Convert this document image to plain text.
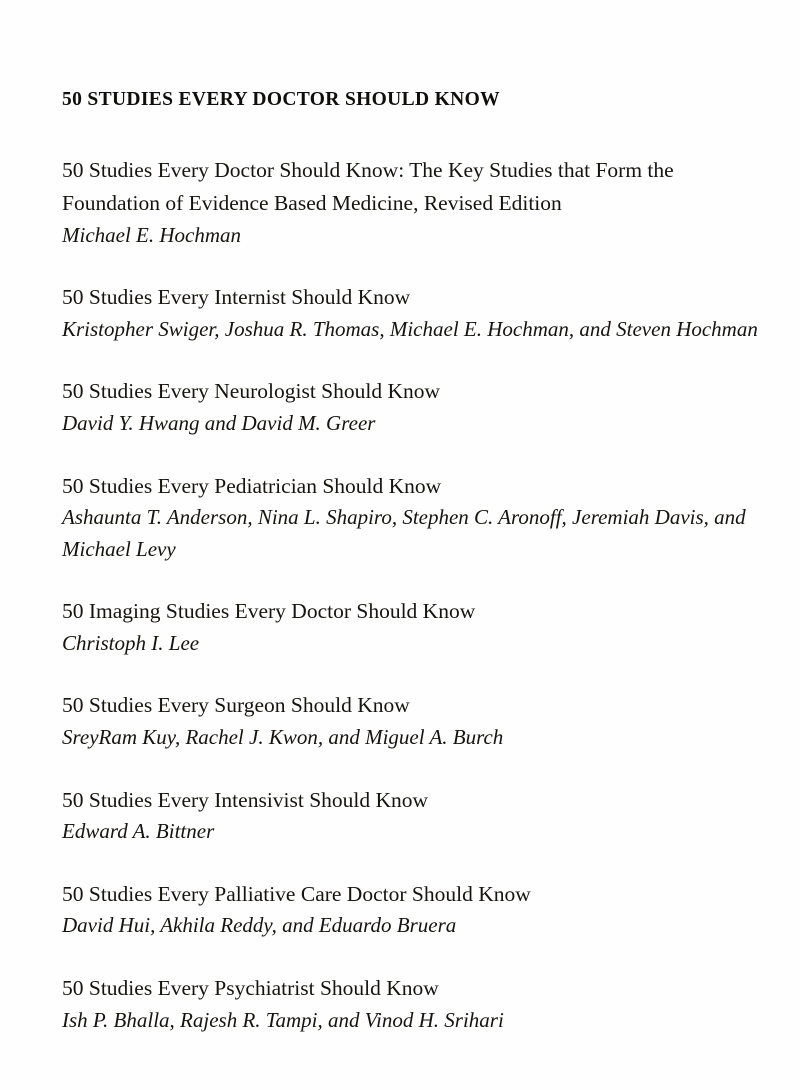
50 STUDIES EVERY DOCTOR SHOULD KNOW

50 Studies Every Doctor Should Know: The Key Studies that Form the Foundation of Evidence Based Medicine, Revised Edition

Michael E. Hochman

50 Studies Every Internist Should Know

Kristopher Swiger, Joshua R. Thomas, Michael E. Hochman, and Steven Hochman

50 Studies Every Neurologist Should Know

David Y. Hwang and David M. Greer

50 Studies Every Pediatrician Should Know

Ashaunta T. Anderson, Nina L. Shapiro, Stephen C. Aronoff, Jeremiah Davis, and Michael Levy

50 Imaging Studies Every Doctor Should Know

Christoph I. Lee

50 Studies Every Surgeon Should Know

SreyRam Kuy, Rachel J. Kwon, and Miguel A. Burch

50 Studies Every Intensivist Should Know

Edward A. Bittner

50 Studies Every Palliative Care Doctor Should Know

David Hui, Akhila Reddy, and Eduardo Bruera

50 Studies Every Psychiatrist Should Know

Ish P. Bhalla, Rajesh R. Tampi, and Vinod H. Srihari
